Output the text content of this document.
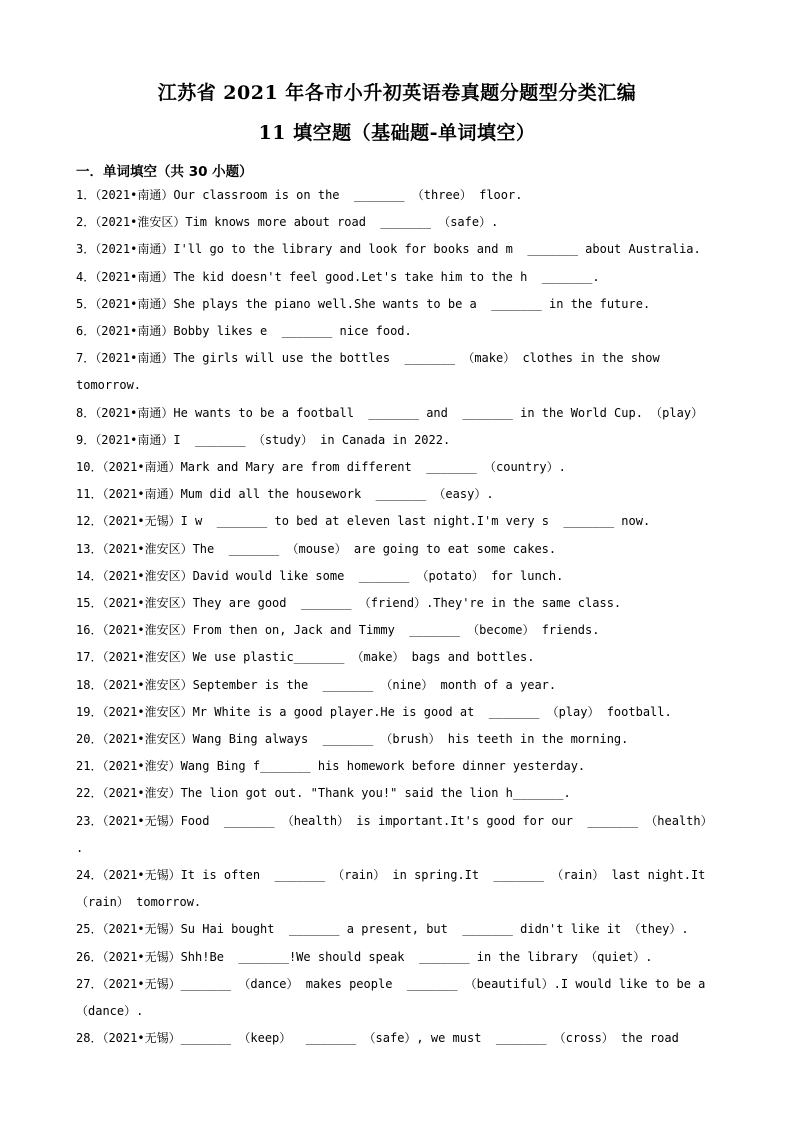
江苏省 2021 年各市小升初英语卷真题分题型分类汇编
11 填空题（基础题-单词填空）
一．单词填空（共 30 小题）

1．（2021•南通）Our classroom is on the  _______ （three） floor.

2．（2021•淮安区）Tim knows more about road  _______ （safe）.

3．（2021•南通）I'll go to the library and look for books and m  _______ about Australia.

4．（2021•南通）The kid doesn't feel good.Let's take him to the h  _______.

5．（2021•南通）She plays the piano well.She wants to be a  _______ in the future.

6．（2021•南通）Bobby likes e  _______ nice food.

7．（2021•南通）The girls will use the bottles  _______ （make） clothes in the show tomorrow.

8．（2021•南通）He wants to be a football  _______ and  _______ in the World Cup. （play）

9．（2021•南通）I  _______ （study） in Canada in 2022.

10．（2021•南通）Mark and Mary are from different  _______ （country）.

11．（2021•南通）Mum did all the housework  _______ （easy）.

12．（2021•无锡）I w  _______ to bed at eleven last night.I'm very s  _______ now.

13．（2021•淮安区）The  _______ （mouse） are going to eat some cakes.

14．（2021•淮安区）David would like some  _______ （potato） for lunch.

15．（2021•淮安区）They are good  _______ （friend）.They're in the same class.

16．（2021•淮安区）From then on, Jack and Timmy  _______ （become） friends.

17．（2021•淮安区）We use plastic_______ （make） bags and bottles.

18．（2021•淮安区）September is the  _______ （nine） month of a year.

19．（2021•淮安区）Mr White is a good player.He is good at  _______ （play） football.

20．（2021•淮安区）Wang Bing always  _______ （brush） his teeth in the morning.

21．（2021•淮安）Wang Bing f_______ his homework before dinner yesterday.

22．（2021•淮安）The lion got out. "Thank you!" said the lion h_______.

23．（2021•无锡）Food  _______ （health） is important.It's good for our  _______ （health）
.

24．（2021•无锡）It is often  _______ （rain） in spring.It  _______ （rain） last night.It
（rain） tomorrow.

25．（2021•无锡）Su Hai bought  _______ a present, but  _______ didn't like it （they）.

26．（2021•无锡）Shh!Be  _______!We should speak  _______ in the library （quiet）.

27．（2021•无锡）_______ （dance） makes people  _______ （beautiful）.I would like to be a
（dance）.

28．（2021•无锡）_______ （keep）  _______ （safe）, we must  _______ （cross） the road
